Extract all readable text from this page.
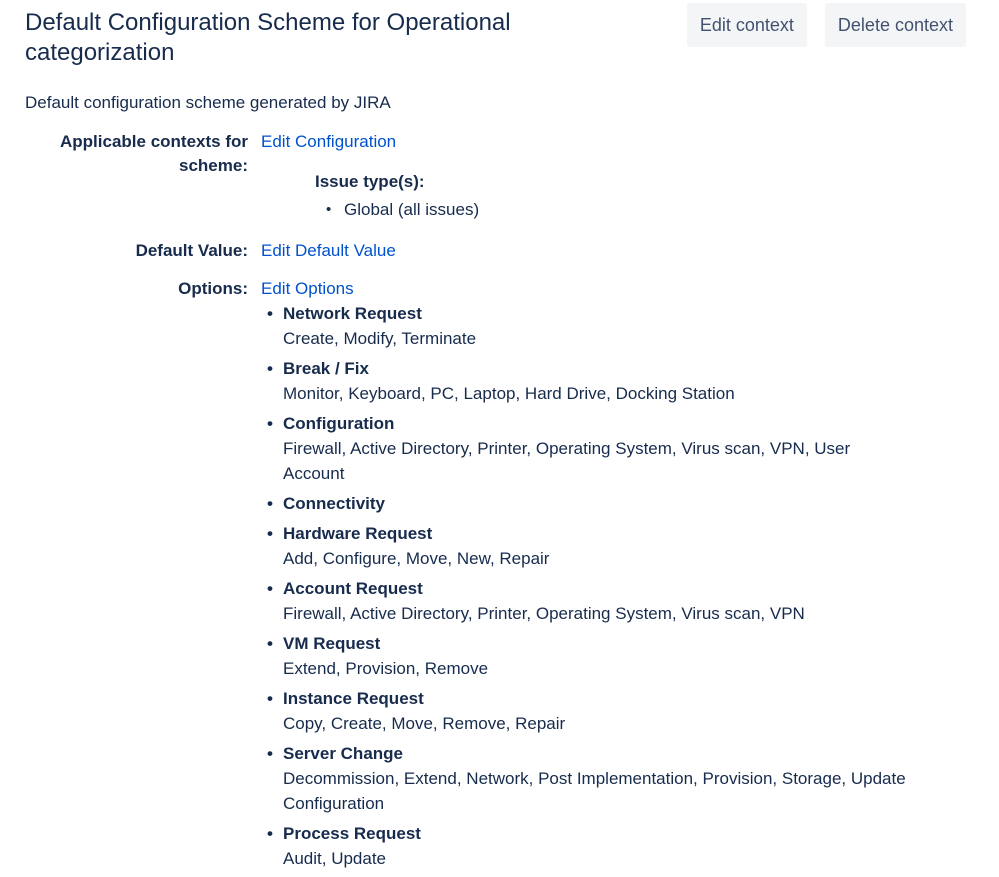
Default Configuration Scheme for Operational categorization
Edit context	Delete context

Default configuration scheme generated by JIRA

Applicable contexts for scheme:
Edit Configuration
Issue type(s):
• Global (all issues)
Default Value: Edit Default Value
Options: Edit Options
• Network Request
Create, Modify, Terminate
• Break / Fix
Monitor, Keyboard, PC, Laptop, Hard Drive, Docking Station
• Configuration
Firewall, Active Directory, Printer, Operating System, Virus scan, VPN, User Account
• Connectivity
• Hardware Request
Add, Configure, Move, New, Repair
• Account Request
Firewall, Active Directory, Printer, Operating System, Virus scan, VPN
• VM Request
Extend, Provision, Remove
• Instance Request
Copy, Create, Move, Remove, Repair
• Server Change
Decommission, Extend, Network, Post Implementation, Provision, Storage, Update Configuration
• Process Request
Audit, Update
